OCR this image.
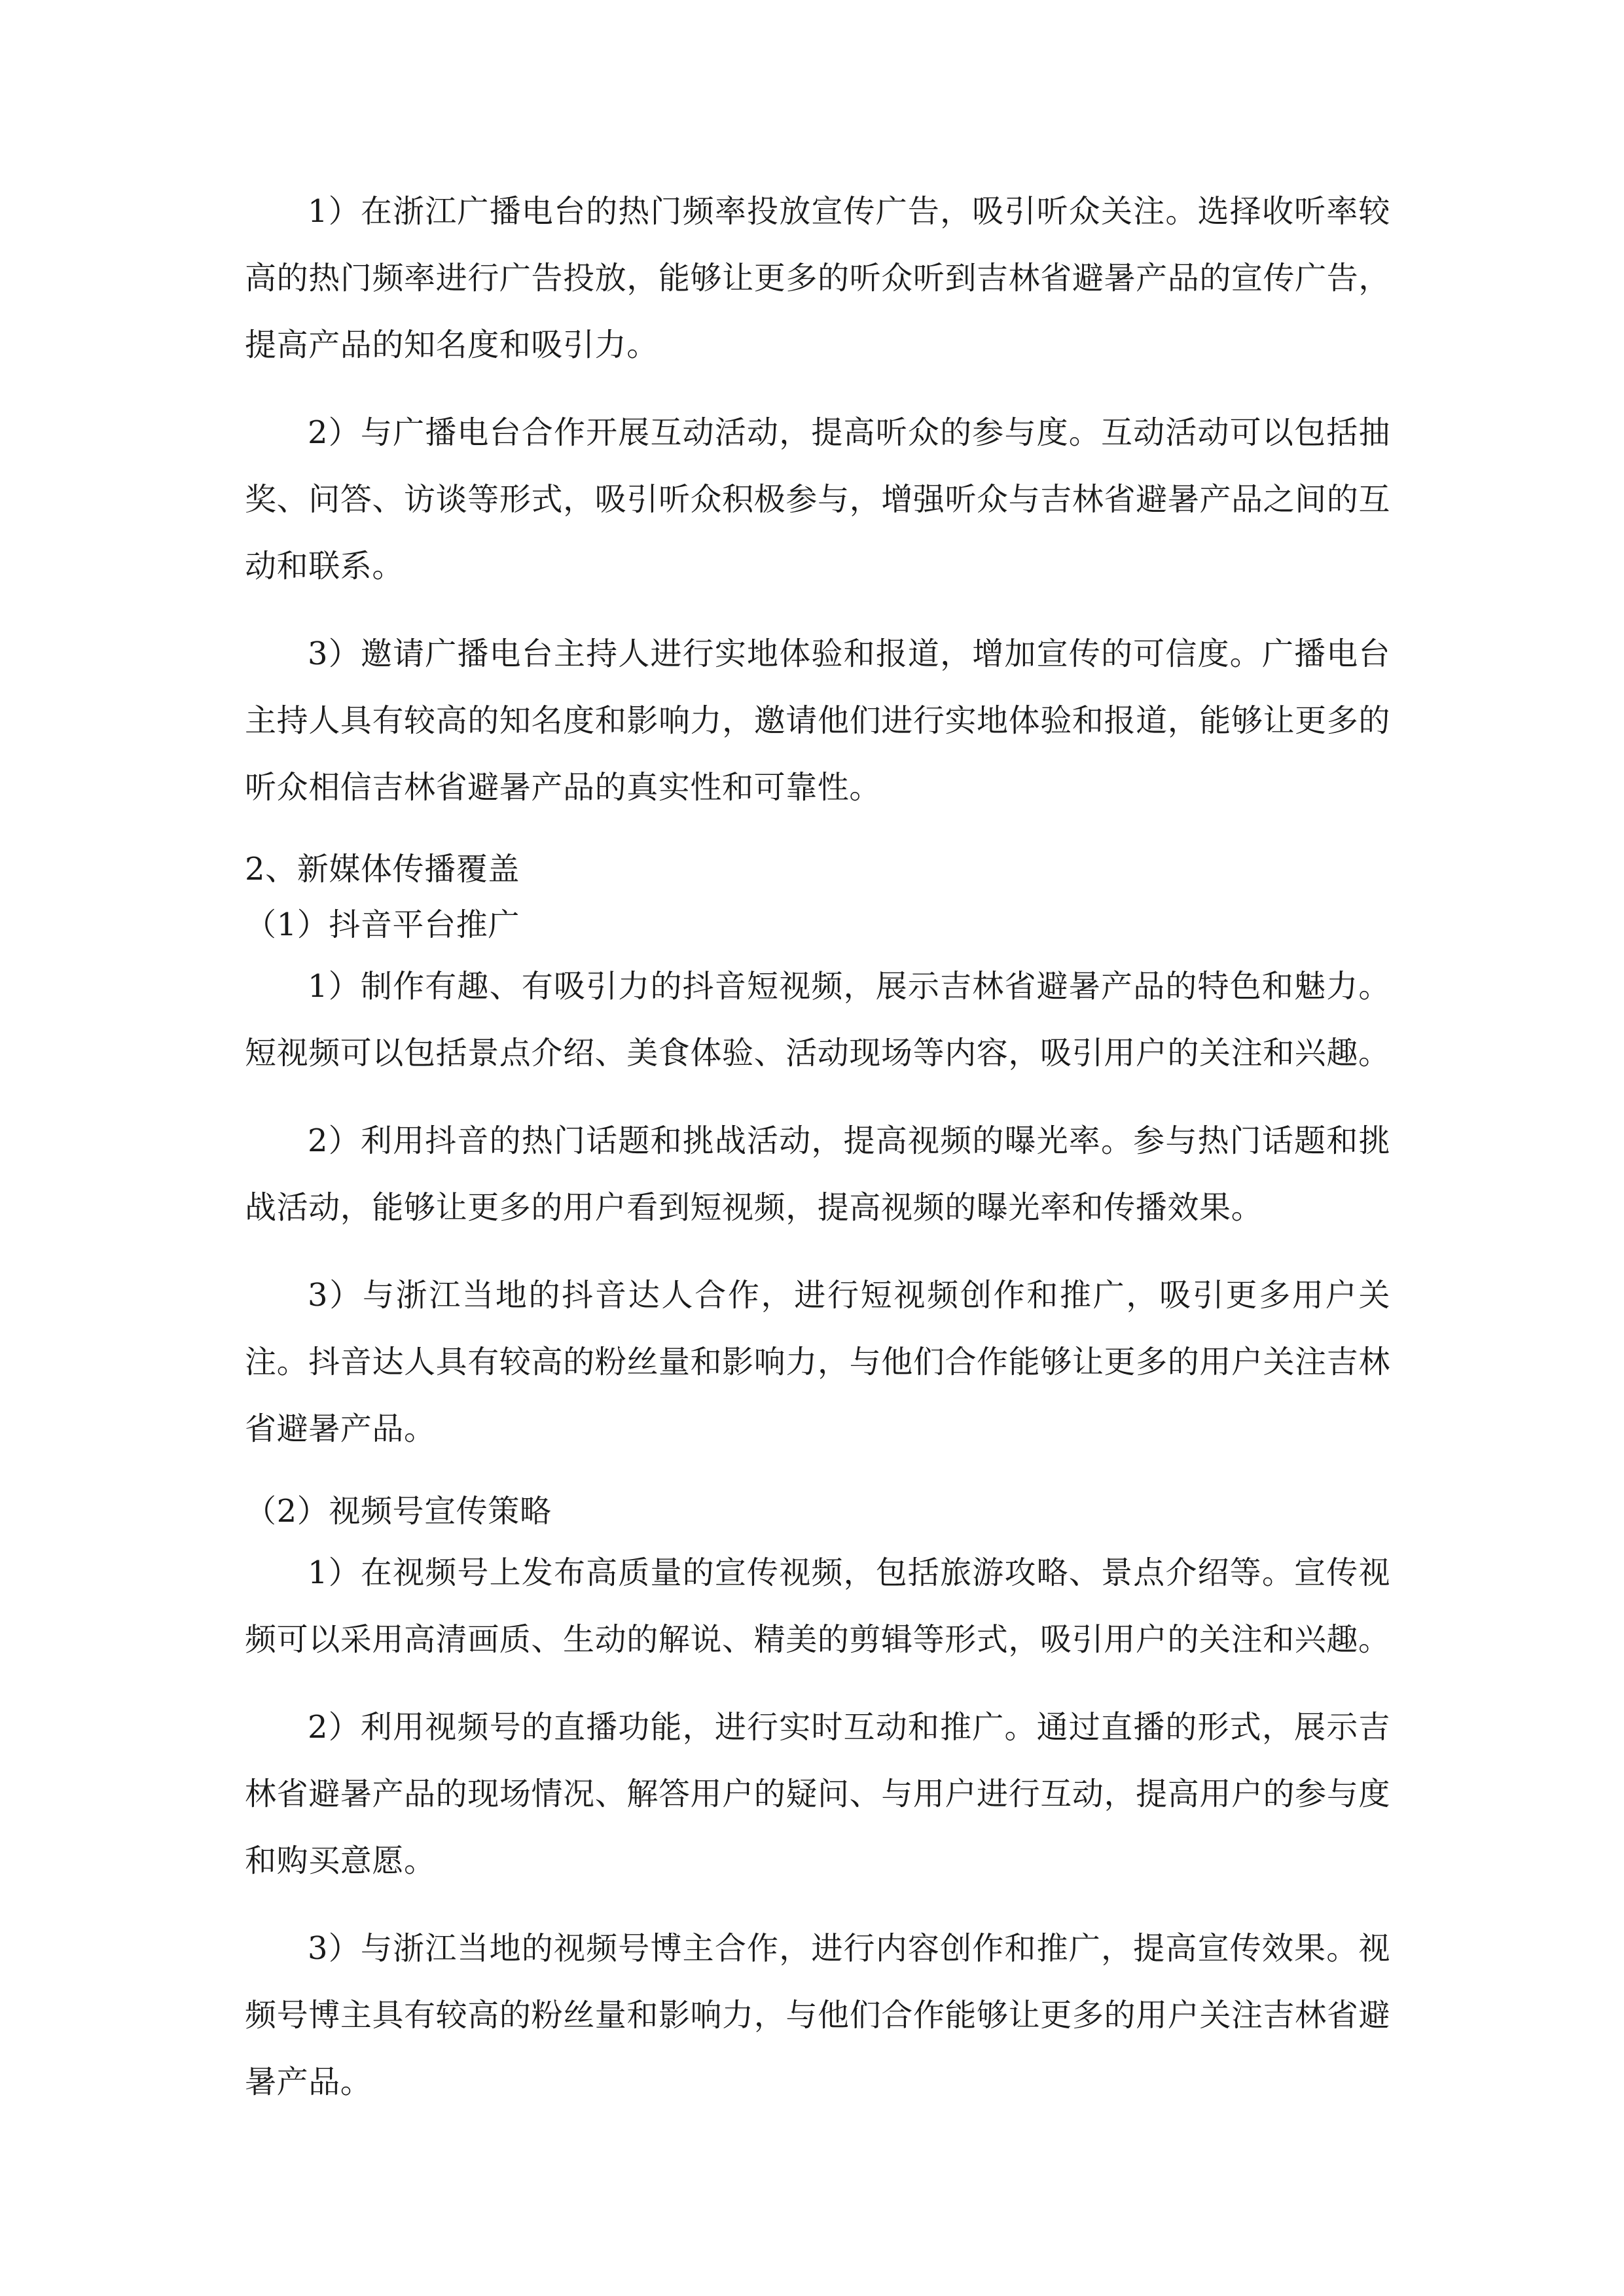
1）在浙江广播电台的热门频率投放宣传广告，吸引听众关注。选择收听率较高的热门频率进行广告投放，能够让更多的听众听到吉林省避暑产品的宣传广告，提高产品的知名度和吸引力。

2）与广播电台合作开展互动活动，提高听众的参与度。互动活动可以包括抽奖、问答、访谈等形式，吸引听众积极参与，增强听众与吉林省避暑产品之间的互动和联系。

3）邀请广播电台主持人进行实地体验和报道，增加宣传的可信度。广播电台主持人具有较高的知名度和影响力，邀请他们进行实地体验和报道，能够让更多的听众相信吉林省避暑产品的真实性和可靠性。

2、新媒体传播覆盖
（1）抖音平台推广

1）制作有趣、有吸引力的抖音短视频，展示吉林省避暑产品的特色和魅力。短视频可以包括景点介绍、美食体验、活动现场等内容，吸引用户的关注和兴趣。

2）利用抖音的热门话题和挑战活动，提高视频的曝光率。参与热门话题和挑战活动，能够让更多的用户看到短视频，提高视频的曝光率和传播效果。

3）与浙江当地的抖音达人合作，进行短视频创作和推广，吸引更多用户关注。抖音达人具有较高的粉丝量和影响力，与他们合作能够让更多的用户关注吉林省避暑产品。

（2）视频号宣传策略

1）在视频号上发布高质量的宣传视频，包括旅游攻略、景点介绍等。宣传视频可以采用高清画质、生动的解说、精美的剪辑等形式，吸引用户的关注和兴趣。

2）利用视频号的直播功能，进行实时互动和推广。通过直播的形式，展示吉林省避暑产品的现场情况、解答用户的疑问、与用户进行互动，提高用户的参与度和购买意愿。

3）与浙江当地的视频号博主合作，进行内容创作和推广，提高宣传效果。视频号博主具有较高的粉丝量和影响力，与他们合作能够让更多的用户关注吉林省避暑产品。
